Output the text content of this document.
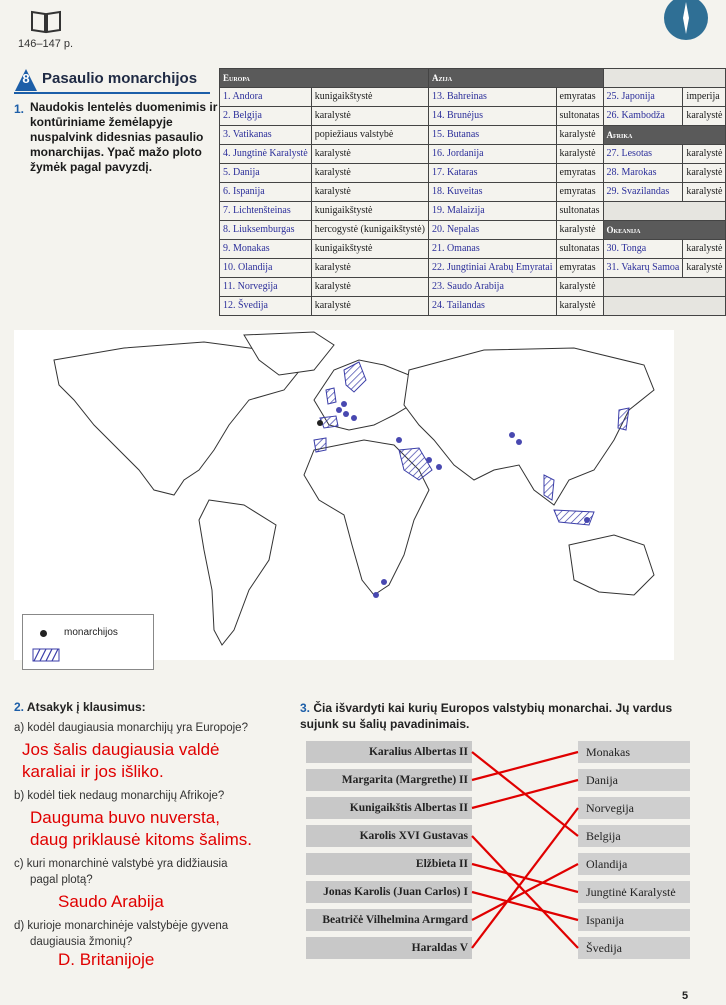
146–147 p.
8 Pasaulio monarchijos
1. Naudokis lentelės duomenimis ir kontūriniame žemėlapyje nuspalvink didesnias pasaulio monarchijas. Ypač mažo ploto žymėk pagal pavyzdį.
Europa		Azija			
1. Andora	kunigaikštystė	13. Bahreinas	emyratas	25. Japonija	imperija
2. Belgija	karalystė	14. Brunėjus	sultonatas	26. Kambodža	karalystė
3. Vatikanas	popiežiaus valstybė	15. Butanas	karalystė	Afrika	
4. Jungtinė Karalystė	karalystė	16. Jordanija	karalystė	27. Lesotas	karalystė
5. Danija	karalystė	17. Kataras	emyratas	28. Marokas	karalystė
6. Ispanija	karalystė	18. Kuveitas	emyratas	29. Svazilandas	karalystė
7. Lichtenšteinas	kunigaikštystė	19. Malaizija	sultonatas		
8. Liuksemburgas	hercogystė (kunigaikštystė)	20. Nepalas	karalystė	Okeanija	
9. Monakas	kunigaikštystė	21. Omanas	sultonatas	30. Tonga	karalystė
10. Olandija	karalystė	22. Jungtiniai Arabų Emyratai	emyratas	31. Vakarų Samoa	karalystė
11. Norvegija	karalystė	23. Saudo Arabija	karalystė		
12. Švedija	karalystė	24. Tailandas	karalystė		
monarchijos
2. Atsakyk į klausimus:
a) kodėl daugiausia monarchijų yra Europoje?
Jos šalis daugiausia valdė
karaliai ir jos išliko.
b) kodėl tiek nedaug monarchijų Afrikoje?
Dauguma buvo nuversta,
daug priklausė kitoms šalims.
c) kuri monarchinė valstybė yra didžiausia
pagal plotą?
Saudo Arabija
d) kurioje monarchinėje valstybėje gyvena
daugiausia žmonių?
D. Britanijoje
3. Čia išvardyti kai kurių Europos valstybių monarchai. Jų vardus sujunk su šalių pavadinimais.
Karalius Albertas II
Margarita (Margrethe) II
Kunigaikštis Albertas II
Karolis XVI Gustavas
Elžbieta II
Jonas Karolis (Juan Carlos) I
Beatričė Vilhelmina Armgard
Haraldas V
Monakas
Danija
Norvegija
Belgija
Olandija
Jungtinė Karalystė
Ispanija
Švedija
5
